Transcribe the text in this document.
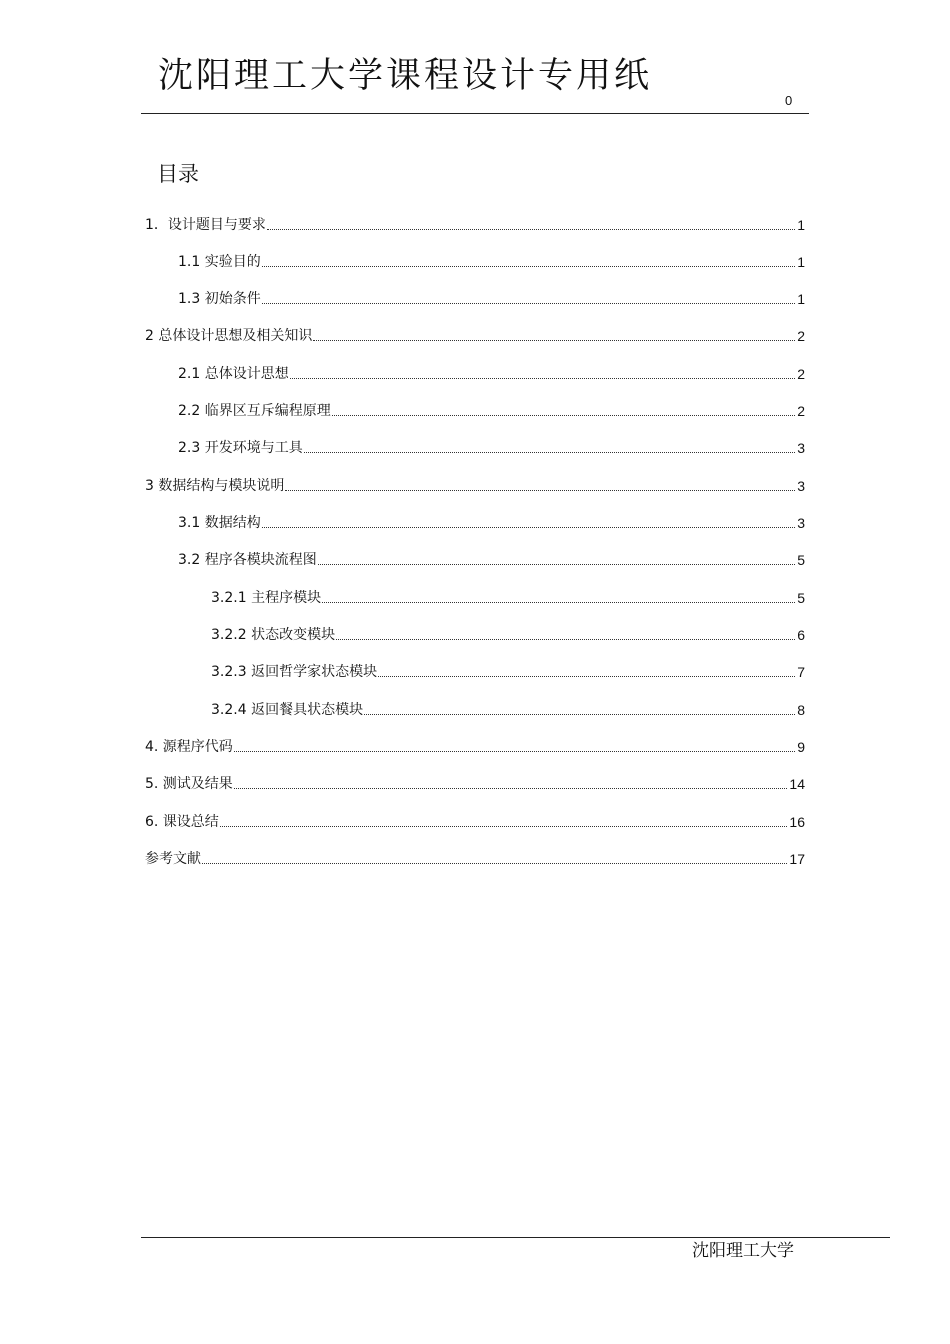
沈阳理工大学课程设计专用纸
0
目录
1．设计题目与要求	1
1.1 实验目的	1
1.3 初始条件	1
2 总体设计思想及相关知识	2
2.1 总体设计思想	2
2.2 临界区互斥编程原理	2
2.3 开发环境与工具	3
3 数据结构与模块说明	3
3.1 数据结构	3
3.2 程序各模块流程图	5
3.2.1 主程序模块	5
3.2.2 状态改变模块	6
3.2.3 返回哲学家状态模块	7
3.2.4 返回餐具状态模块	8
4. 源程序代码	9
5. 测试及结果	14
6. 课设总结	16
参考文献	17
沈阳理工大学
